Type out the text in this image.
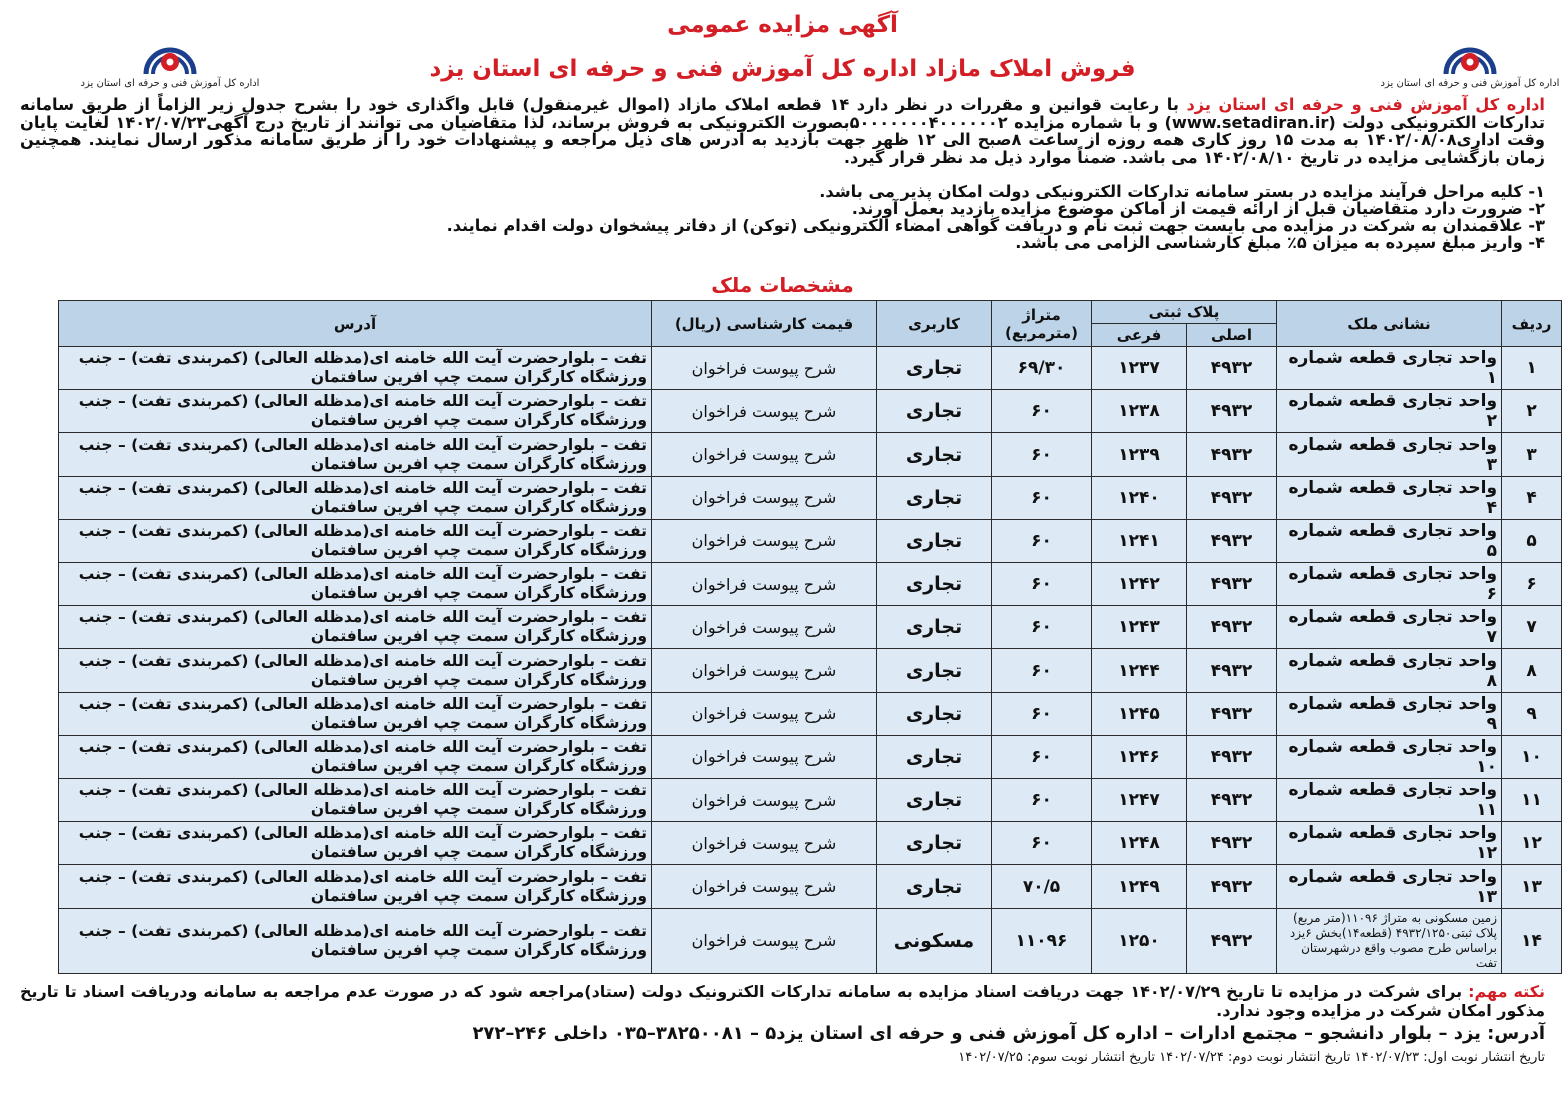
اداره کل آموزش فنی و حرفه ای استان یزد	اداره کل آموزش فنی و حرفه ای استان یزد
آگهی مزایده عمومی
فروش املاک مازاد اداره کل آموزش فنی و حرفه ای استان یزد
اداره کل آموزش فنی و حرفه ای استان یزد با رعایت قوانین و مقررات در نظر دارد ۱۴ قطعه املاک مازاد (اموال غیرمنقول) قابل واگذاری خود را بشرح جدول زیر الزاماً از طریق سامانه تدارکات الکترونیکی دولت (www.setadiran.ir) و با شماره مزایده ۵۰۰۰۰۰۰۰۴۰۰۰۰۰۰۲بصورت الکترونیکی به فروش برساند، لذا متقاضیان می توانند از تاریخ درج آگهی۱۴۰۲/۰۷/۲۳ لغایت پایان وقت اداری۱۴۰۲/۰۸/۰۸ به مدت ۱۵ روز کاری همه روزه از ساعت ۸صبح الی ۱۲ ظهر جهت بازدید به آدرس های ذیل مراجعه و پیشنهادات خود را از طریق سامانه مذکور ارسال نمایند. همچنین زمان بازگشایی مزایده در تاریخ ۱۴۰۲/۰۸/۱۰ می باشد. ضمناً موارد ذیل مد نظر قرار گیرد.
۱- کلیه مراحل فرآیند مزایده در بستر سامانه تدارکات الکترونیکی دولت امکان پذیر می باشد.
۲- ضرورت دارد متقاضیان قبل از ارائه قیمت از اماکن موضوع مزایده بازدید بعمل آورند.
۳- علاقمندان به شرکت در مزایده می بایست جهت ثبت نام و دریافت گواهی امضاء الکترونیکی (توکن) از دفاتر پیشخوان دولت اقدام نمایند.
۴- واریز مبلغ سپرده به میزان ۵٪ مبلغ کارشناسی الزامی می باشد.
مشخصات ملک
ردیف	نشانی ملک	پلاک ثبتی		متراژ (مترمربع)	کاربری	قیمت کارشناسی (ریال)	آدرس
		اصلی	فرعی				
۱	واحد تجاری قطعه شماره ۱	۴۹۳۲	۱۲۳۷	۶۹/۳۰	تجاری	شرح پیوست فراخوان	تفت – بلوارحضرت آیت الله خامنه ای(مدظله العالی) (کمربندی تفت) – جنب ورزشگاه کارگران سمت چپ افرین سافتمان
۲	واحد تجاری قطعه شماره ۲	۴۹۳۲	۱۲۳۸	۶۰	تجاری	شرح پیوست فراخوان	تفت – بلوارحضرت آیت الله خامنه ای(مدظله العالی) (کمربندی تفت) – جنب ورزشگاه کارگران سمت چپ افرین سافتمان
۳	واحد تجاری قطعه شماره ۳	۴۹۳۲	۱۲۳۹	۶۰	تجاری	شرح پیوست فراخوان	تفت – بلوارحضرت آیت الله خامنه ای(مدظله العالی) (کمربندی تفت) – جنب ورزشگاه کارگران سمت چپ افرین سافتمان
۴	واحد تجاری قطعه شماره ۴	۴۹۳۲	۱۲۴۰	۶۰	تجاری	شرح پیوست فراخوان	تفت – بلوارحضرت آیت الله خامنه ای(مدظله العالی) (کمربندی تفت) – جنب ورزشگاه کارگران سمت چپ افرین سافتمان
۵	واحد تجاری قطعه شماره ۵	۴۹۳۲	۱۲۴۱	۶۰	تجاری	شرح پیوست فراخوان	تفت – بلوارحضرت آیت الله خامنه ای(مدظله العالی) (کمربندی تفت) – جنب ورزشگاه کارگران سمت چپ افرین سافتمان
۶	واحد تجاری قطعه شماره ۶	۴۹۳۲	۱۲۴۲	۶۰	تجاری	شرح پیوست فراخوان	تفت – بلوارحضرت آیت الله خامنه ای(مدظله العالی) (کمربندی تفت) – جنب ورزشگاه کارگران سمت چپ افرین سافتمان
۷	واحد تجاری قطعه شماره ۷	۴۹۳۲	۱۲۴۳	۶۰	تجاری	شرح پیوست فراخوان	تفت – بلوارحضرت آیت الله خامنه ای(مدظله العالی) (کمربندی تفت) – جنب ورزشگاه کارگران سمت چپ افرین سافتمان
۸	واحد تجاری قطعه شماره ۸	۴۹۳۲	۱۲۴۴	۶۰	تجاری	شرح پیوست فراخوان	تفت – بلوارحضرت آیت الله خامنه ای(مدظله العالی) (کمربندی تفت) – جنب ورزشگاه کارگران سمت چپ افرین سافتمان
۹	واحد تجاری قطعه شماره ۹	۴۹۳۲	۱۲۴۵	۶۰	تجاری	شرح پیوست فراخوان	تفت – بلوارحضرت آیت الله خامنه ای(مدظله العالی) (کمربندی تفت) – جنب ورزشگاه کارگران سمت چپ افرین سافتمان
۱۰	واحد تجاری قطعه شماره ۱۰	۴۹۳۲	۱۲۴۶	۶۰	تجاری	شرح پیوست فراخوان	تفت – بلوارحضرت آیت الله خامنه ای(مدظله العالی) (کمربندی تفت) – جنب ورزشگاه کارگران سمت چپ افرین سافتمان
۱۱	واحد تجاری قطعه شماره ۱۱	۴۹۳۲	۱۲۴۷	۶۰	تجاری	شرح پیوست فراخوان	تفت – بلوارحضرت آیت الله خامنه ای(مدظله العالی) (کمربندی تفت) – جنب ورزشگاه کارگران سمت چپ افرین سافتمان
۱۲	واحد تجاری قطعه شماره ۱۲	۴۹۳۲	۱۲۴۸	۶۰	تجاری	شرح پیوست فراخوان	تفت – بلوارحضرت آیت الله خامنه ای(مدظله العالی) (کمربندی تفت) – جنب ورزشگاه کارگران سمت چپ افرین سافتمان
۱۳	واحد تجاری قطعه شماره ۱۳	۴۹۳۲	۱۲۴۹	۷۰/۵	تجاری	شرح پیوست فراخوان	تفت – بلوارحضرت آیت الله خامنه ای(مدظله العالی) (کمربندی تفت) – جنب ورزشگاه کارگران سمت چپ افرین سافتمان
۱۴	زمین مسکونی به متراژ ۱۱۰۹۶(متر مربع) پلاک ثبتی۴۹۳۲/۱۲۵۰ (قطعه۱۴)بخش ۶یزد براساس طرح مصوب واقع درشهرستان تفت	۴۹۳۲	۱۲۵۰	۱۱۰۹۶	مسکونی	شرح پیوست فراخوان	تفت – بلوارحضرت آیت الله خامنه ای(مدظله العالی) (کمربندی تفت) – جنب ورزشگاه کارگران سمت چپ افرین سافتمان
نکته مهم: برای شرکت در مزایده تا تاریخ ۱۴۰۲/۰۷/۲۹ جهت دریافت اسناد مزایده به سامانه تدارکات الکترونیک دولت (ستاد)مراجعه شود که در صورت عدم مراجعه به سامانه ودریافت اسناد تا تاریخ مذکور امکان شرکت در مزایده وجود ندارد.
آدرس: یزد – بلوار دانشجو – مجتمع ادارات – اداره کل آموزش فنی و حرفه ای استان یزد۵ – ۳۸۲۵۰۰۸۱–۰۳۵ داخلی ۲۴۶–۲۷۲
تاریخ انتشار نوبت اول: ۱۴۰۲/۰۷/۲۳ تاریخ انتشار نوبت دوم: ۱۴۰۲/۰۷/۲۴ تاریخ انتشار نوبت سوم: ۱۴۰۲/۰۷/۲۵
